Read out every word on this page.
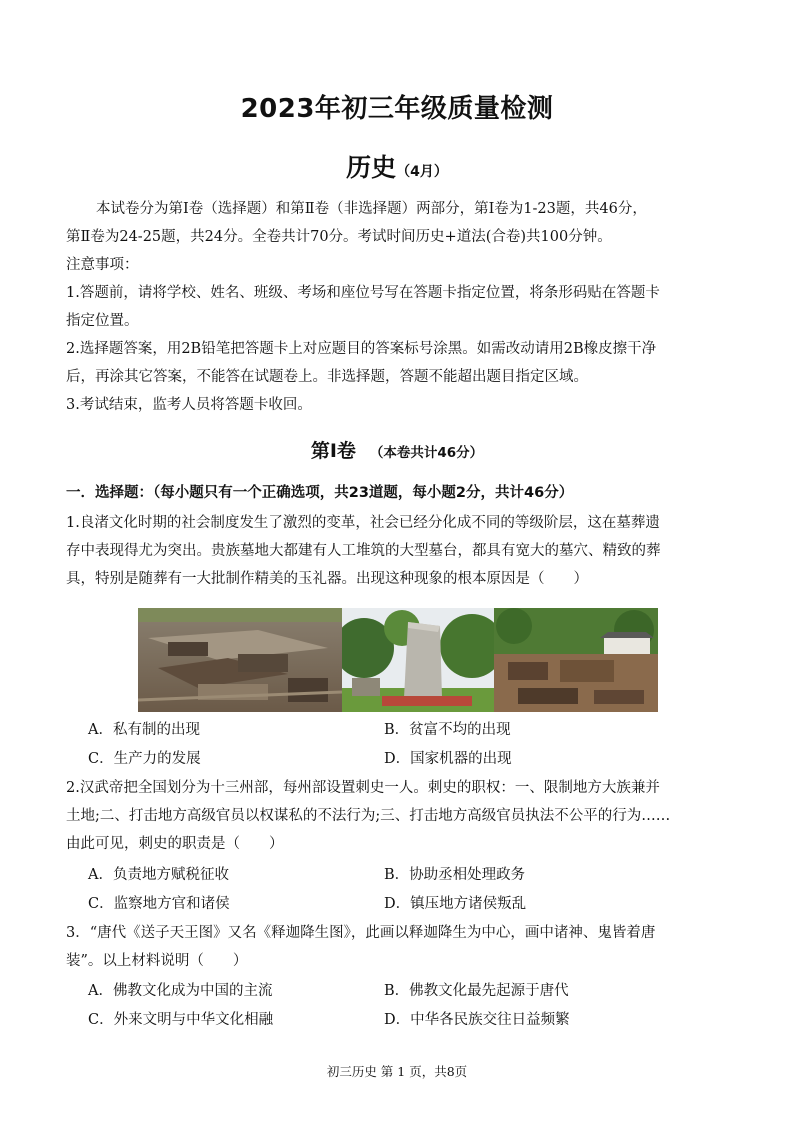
2023年初三年级质量检测
历史（4月）
本试卷分为第Ⅰ卷（选择题）和第Ⅱ卷（非选择题）两部分，第Ⅰ卷为1-23题，共46分，
第Ⅱ卷为24-25题，共24分。全卷共计70分。考试时间历史+道法(合卷)共100分钟。
注意事项：
1.答题前，请将学校、姓名、班级、考场和座位号写在答题卡指定位置，将条形码贴在答题卡
指定位置。
2.选择题答案，用2B铅笔把答题卡上对应题目的答案标号涂黑。如需改动请用2B橡皮擦干净
后，再涂其它答案，不能答在试题卷上。非选择题，答题不能超出题目指定区域。
3.考试结束，监考人员将答题卡收回。
第Ⅰ卷 （本卷共计46分）
一．选择题：（每小题只有一个正确选项，共23道题，每小题2分，共计46分）
1.良渚文化时期的社会制度发生了激烈的变革，社会已经分化成不同的等级阶层，这在墓葬遗
存中表现得尤为突出。贵族墓地大都建有人工堆筑的大型墓台，都具有宽大的墓穴、精致的葬
具，特别是随葬有一大批制作精美的玉礼器。出现这种现象的根本原因是（　　）
A．私有制的出现	B．贫富不均的出现
C．生产力的发展	D．国家机器的出现
2.汉武帝把全国划分为十三州部，每州部设置刺史一人。刺史的职权：一、限制地方大族兼并
土地;二、打击地方高级官员以权谋私的不法行为;三、打击地方高级官员执法不公平的行为……
由此可见，刺史的职责是（　　）
A．负责地方赋税征收	B．协助丞相处理政务
C．监察地方官和诸侯	D．镇压地方诸侯叛乱
3．“唐代《送子天王图》又名《释迦降生图》，此画以释迦降生为中心，画中诸神、鬼皆着唐
装”。以上材料说明（　　）
A．佛教文化成为中国的主流	B．佛教文化最先起源于唐代
C．外来文明与中华文化相融	D．中华各民族交往日益频繁
初三历史 第 1 页，共8页
